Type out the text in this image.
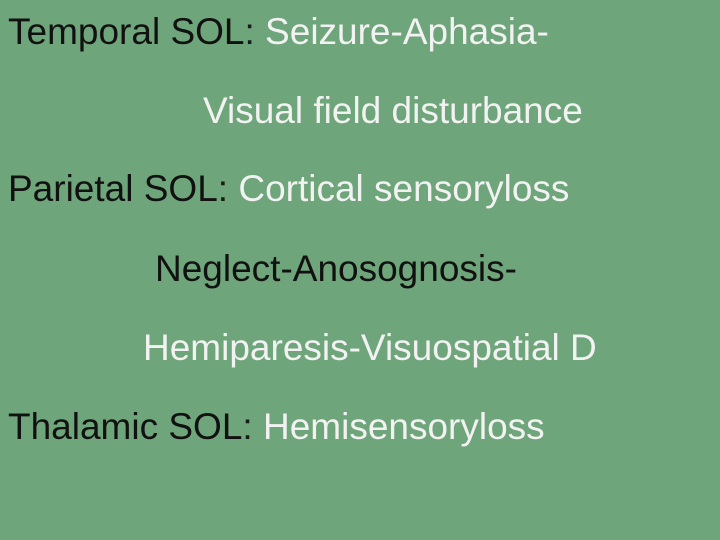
Temporal SOL: Seizure-Aphasia-
Visual field disturbance
Parietal SOL: Cortical sensoryloss
Neglect-Anosognosis-
Hemiparesis-Visuospatial D
Thalamic SOL: Hemisensoryloss
